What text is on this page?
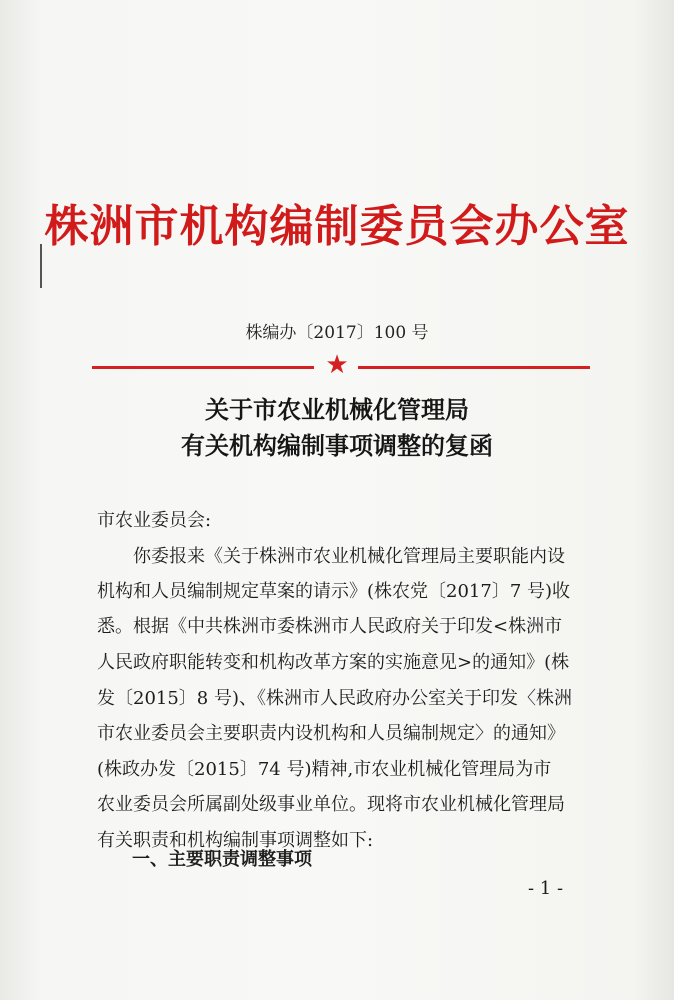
株洲市机构编制委员会办公室
株编办〔2017〕100 号
★
关于市农业机械化管理局
有关机构编制事项调整的复函
市农业委员会:
　　你委报来《关于株洲市农业机械化管理局主要职能内设
机构和人员编制规定草案的请示》(株农党〔2017〕7 号)收
悉。根据《中共株洲市委株洲市人民政府关于印发<株洲市
人民政府职能转变和机构改革方案的实施意见>的通知》(株
发〔2015〕8 号)、《株洲市人民政府办公室关于印发〈株洲
市农业委员会主要职责内设机构和人员编制规定〉的通知》
(株政办发〔2015〕74 号)精神,市农业机械化管理局为市
农业委员会所属副处级事业单位。现将市农业机械化管理局
有关职责和机构编制事项调整如下:
一、主要职责调整事项
- 1 -
